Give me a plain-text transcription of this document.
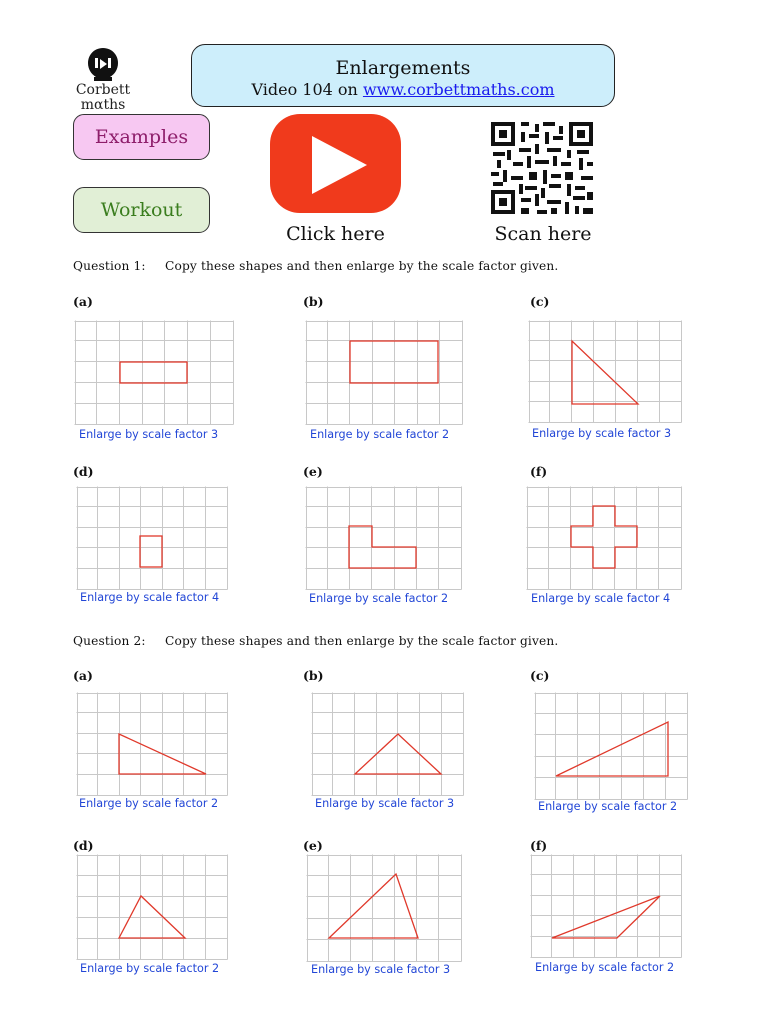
Corbett
mαths
Enlargements
Video 104 on www.corbettmaths.com
Examples
Workout
Click here	Scan here
Question 1: Copy these shapes and then enlarge by the scale factor given.
(a)	(b)	(c)
Enlarge by scale factor 3	Enlarge by scale factor 2	Enlarge by scale factor 3
(d)	(e)	(f)
Enlarge by scale factor 4	Enlarge by scale factor 2	Enlarge by scale factor 4
Question 2: Copy these shapes and then enlarge by the scale factor given.
(a)	(b)	(c)
Enlarge by scale factor 2	Enlarge by scale factor 3	Enlarge by scale factor 2
(d)	(e)	(f)
Enlarge by scale factor 2	Enlarge by scale factor 3	Enlarge by scale factor 2
